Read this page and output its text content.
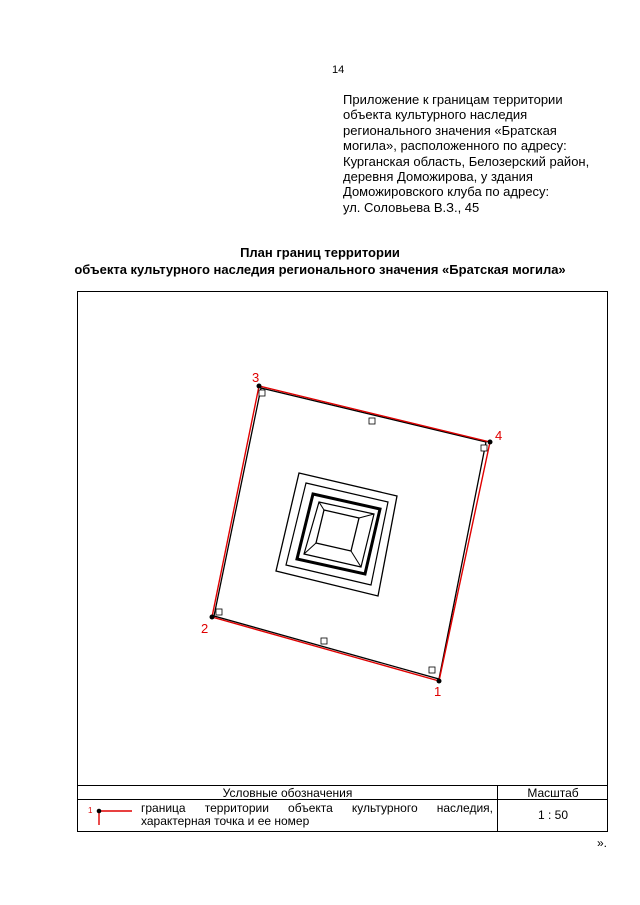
14
Приложение к границам территории
объекта культурного наследия
регионального значения «Братская
могила», расположенного по адресу:
Курганская область, Белозерский район,
деревня Доможирова, у здания
Доможировского клуба по адресу:
ул. Соловьева В.З., 45
План границ территории
объекта культурного наследия регионального значения «Братская могила»
1
2
3
4
Условные обозначения	Масштаб
1	граница территории объекта культурного наследия, характерная точка и ее номер	1 : 50
».
